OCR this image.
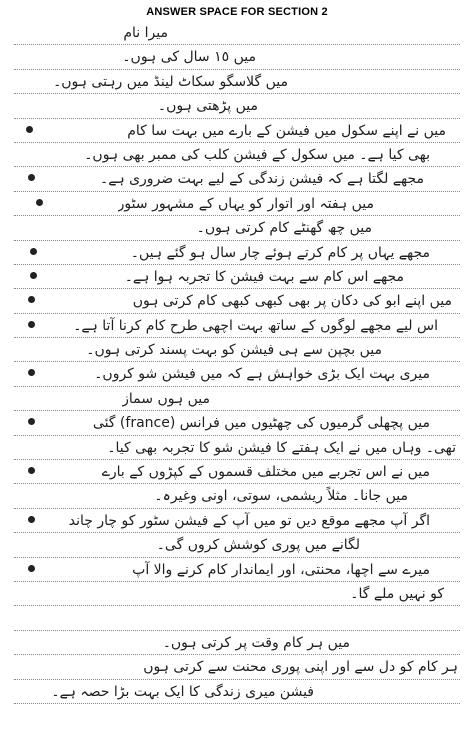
ANSWER SPACE FOR SECTION 2
میرا نام
میں ١٥ سال کی ہوں۔
میں گلاسگو سکاٹ لینڈ میں رہتی ہوں۔
میں پڑھتی ہوں۔
میں نے اپنے سکول میں فیشن کے بارے میں بہت سا کام
بھی کیا ہے۔ میں سکول کے فیشن کلب کی ممبر بھی ہوں۔
مجھے لگتا ہے کہ فیشن زندگی کے لیے بہت ضروری ہے۔
میں ہفتہ اور اتوار کو یہاں کے مشہور سٹور
میں چھ گھنٹے کام کرتی ہوں۔
مجھے یہاں پر کام کرتے ہوئے چار سال ہو گئے ہیں۔
مجھے اس کام سے بہت فیشن کا تجربہ ہوا ہے۔
میں اپنے ابو کی دکان پر بھی کبھی کبھی کام کرتی ہوں
اس لیے مجھے لوگوں کے ساتھ بہت اچھی طرح کام کرنا آتا ہے۔
میں بچپن سے ہی فیشن کو بہت پسند کرتی ہوں۔
میری بہت ایک بڑی خواہش ہے کہ میں فیشن شو کروں۔
میں ہوں سماز
میں پچھلی گرمیوں کی چھٹیوں میں فرانس (france) گئی
تھی۔ وہاں میں نے ایک ہفتے کا فیشن شو کا تجربہ بھی کیا۔
میں نے اس تجربے میں مختلف قسموں کے کپڑوں کے بارے
میں جانا۔ مثلاً ریشمی، سوتی، اونی وغیرہ۔
اگر آپ مجھے موقع دیں تو میں آپ کے فیشن سٹور کو چار چاند
لگانے میں پوری کوشش کروں گی۔
میرے سے اچھا، محنتی، اور ایماندار کام کرنے والا آپ
کو نہیں ملے گا۔
میں ہر کام وقت پر کرتی ہوں۔
ہر کام کو دل سے اور اپنی پوری محنت سے کرتی ہوں
فیشن میری زندگی کا ایک بہت بڑا حصہ ہے۔
